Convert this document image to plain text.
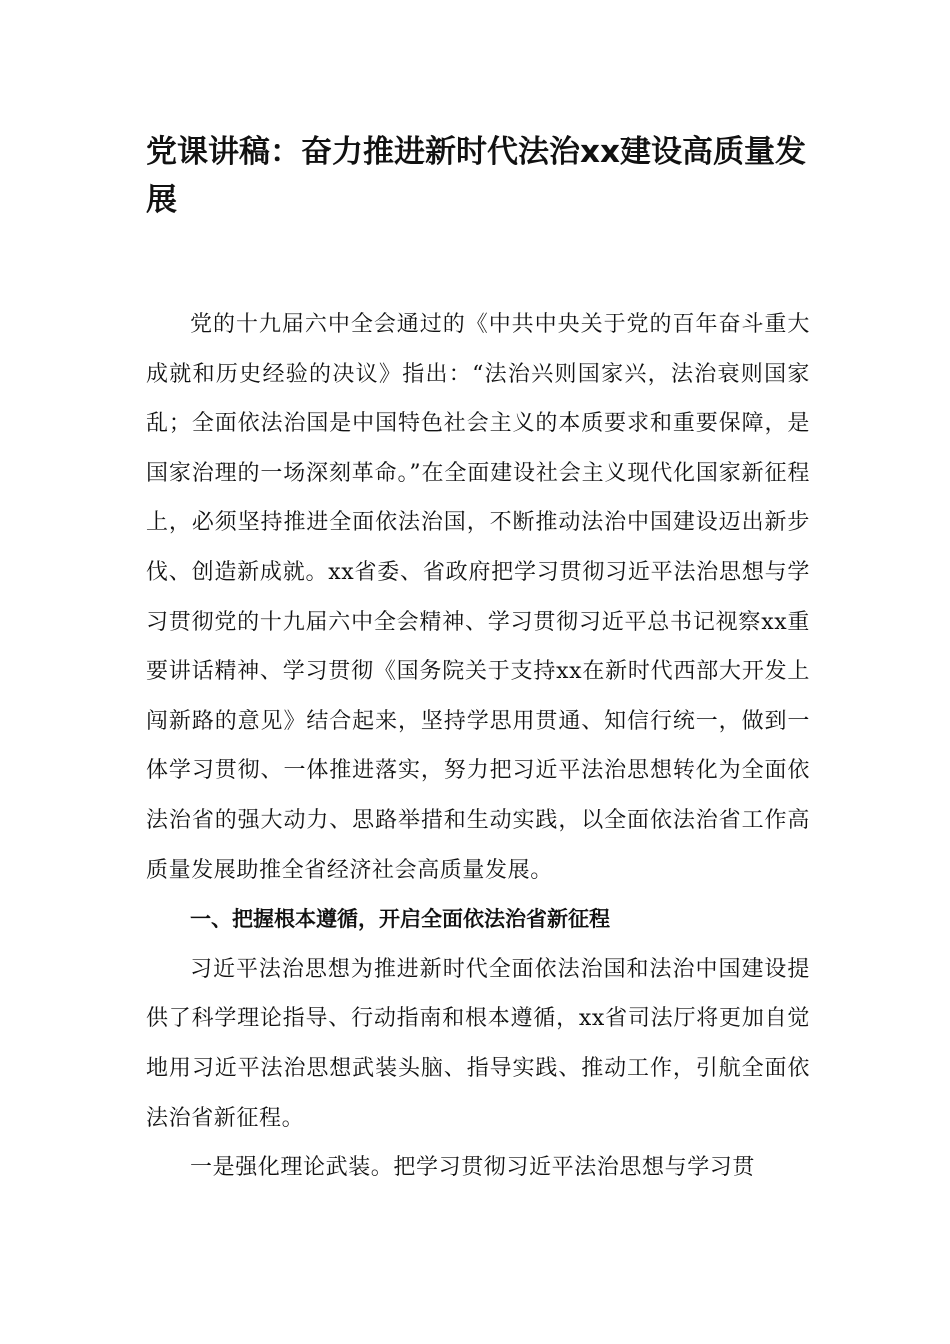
党课讲稿：奋力推进新时代法治xx建设高质量发展

党的十九届六中全会通过的《中共中央关于党的百年奋斗重大成就和历史经验的决议》指出：“法治兴则国家兴，法治衰则国家乱；全面依法治国是中国特色社会主义的本质要求和重要保障，是国家治理的一场深刻革命。”在全面建设社会主义现代化国家新征程上，必须坚持推进全面依法治国，不断推动法治中国建设迈出新步伐、创造新成就。xx省委、省政府把学习贯彻习近平法治思想与学习贯彻党的十九届六中全会精神、学习贯彻习近平总书记视察xx重要讲话精神、学习贯彻《国务院关于支持xx在新时代西部大开发上闯新路的意见》结合起来，坚持学思用贯通、知信行统一，做到一体学习贯彻、一体推进落实，努力把习近平法治思想转化为全面依法治省的强大动力、思路举措和生动实践，以全面依法治省工作高质量发展助推全省经济社会高质量发展。

一、把握根本遵循，开启全面依法治省新征程

习近平法治思想为推进新时代全面依法治国和法治中国建设提供了科学理论指导、行动指南和根本遵循，xx省司法厅将更加自觉地用习近平法治思想武装头脑、指导实践、推动工作，引航全面依法治省新征程。

一是强化理论武装。把学习贯彻习近平法治思想与学习贯
